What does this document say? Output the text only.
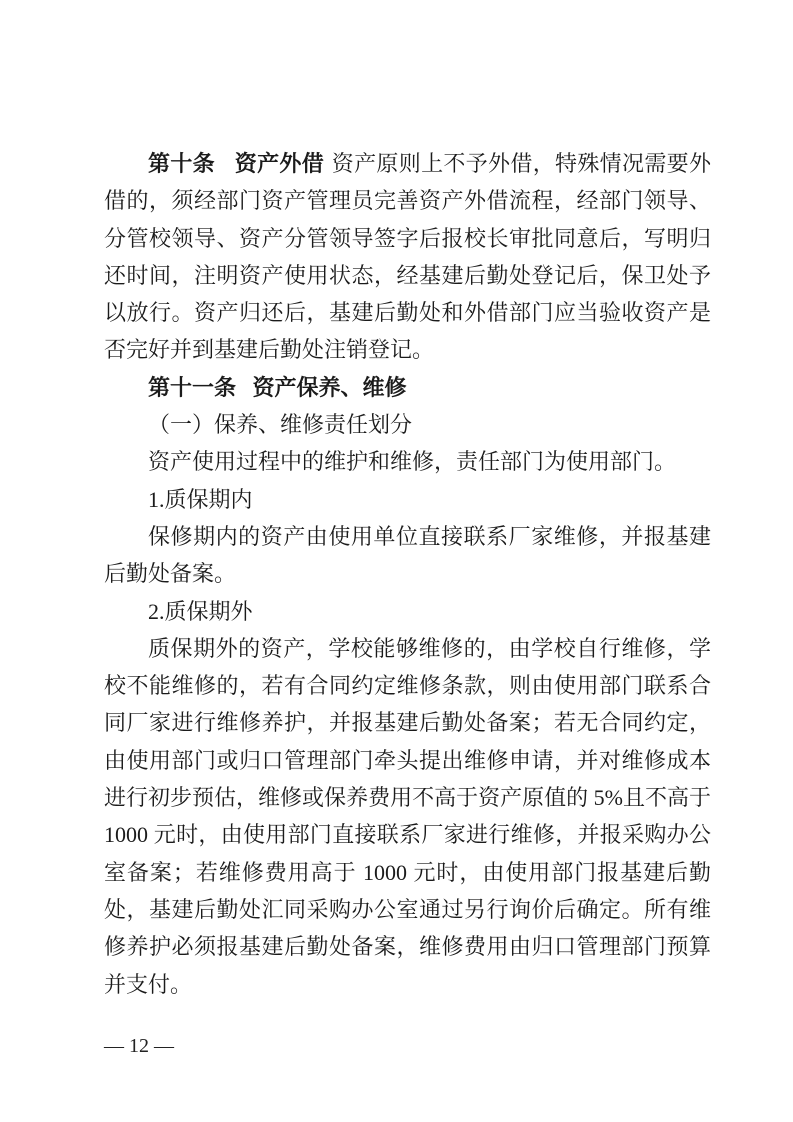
第十条 资产外借 资产原则上不予外借，特殊情况需要外借的，须经部门资产管理员完善资产外借流程，经部门领导、分管校领导、资产分管领导签字后报校长审批同意后，写明归还时间，注明资产使用状态，经基建后勤处登记后，保卫处予以放行。资产归还后，基建后勤处和外借部门应当验收资产是否完好并到基建后勤处注销登记。

第十一条 资产保养、维修

（一）保养、维修责任划分

资产使用过程中的维护和维修，责任部门为使用部门。

1.质保期内

保修期内的资产由使用单位直接联系厂家维修，并报基建后勤处备案。

2.质保期外

质保期外的资产，学校能够维修的，由学校自行维修，学校不能维修的，若有合同约定维修条款，则由使用部门联系合同厂家进行维修养护，并报基建后勤处备案；若无合同约定，由使用部门或归口管理部门牵头提出维修申请，并对维修成本进行初步预估，维修或保养费用不高于资产原值的 5%且不高于 1000 元时，由使用部门直接联系厂家进行维修，并报采购办公室备案；若维修费用高于 1000 元时，由使用部门报基建后勤处，基建后勤处汇同采购办公室通过另行询价后确定。所有维修养护必须报基建后勤处备案，维修费用由归口管理部门预算并支付。

— 12 —
